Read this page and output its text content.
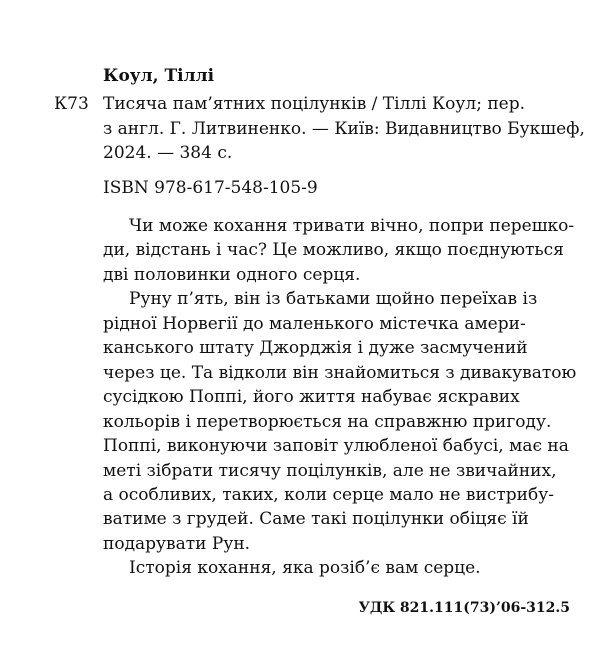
Коул, Тіллі
К73 Тисяча пам’ятних поцілунків / Тіллі Коул; пер.
з англ. Г. Литвиненко. — Київ: Видавництво Букшеф,
2024. — 384 с.
ISBN 978-617-548-105-9
Чи може кохання тривати вічно, попри перешко-
ди, відстань і час? Це можливо, якщо поєднуються
дві половинки одного серця.
Руну п’ять, він із батьками щойно переїхав із
рідної Норвегії до маленького містечка амери-
канського штату Джорджія і дуже засмучений
через це. Та відколи він знайомиться з дивакуватою
сусідкою Поппі, його життя набуває яскравих
кольорів і перетворюється на справжню пригоду.
Поппі, виконуючи заповіт улюбленої бабусі, має на
меті зібрати тисячу поцілунків, але не звичайних,
а особливих, таких, коли серце мало не вистрибу-
ватиме з грудей. Саме такі поцілунки обіцяє їй
подарувати Рун.
Історія кохання, яка розіб’є вам серце.
УДК 821.111(73)’06-312.5
